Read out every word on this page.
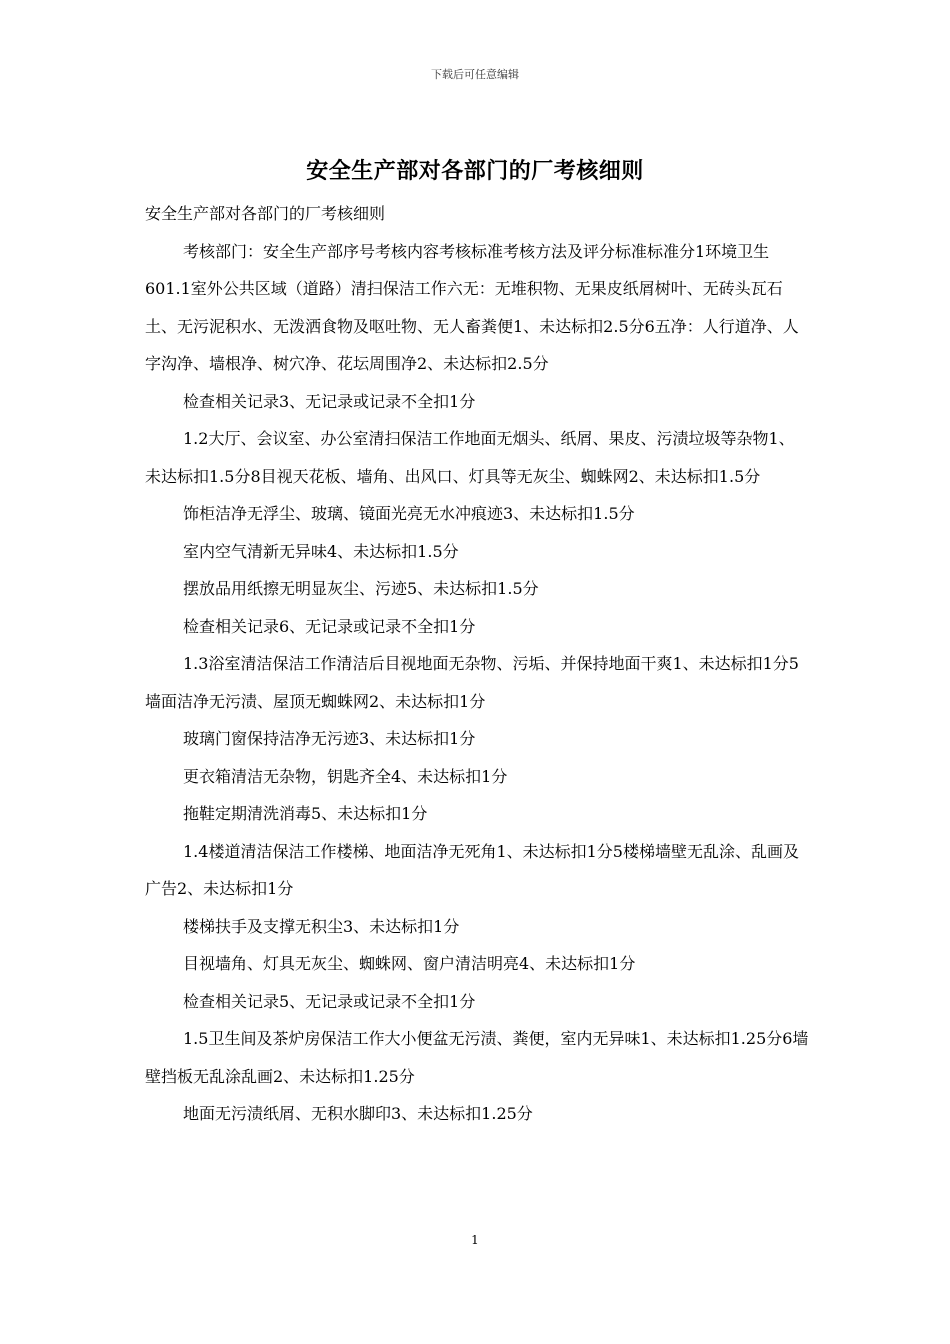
下载后可任意编辑
安全生产部对各部门的厂考核细则

安全生产部对各部门的厂考核细则

考核部门：安全生产部序号考核内容考核标准考核方法及评分标准标准分1环境卫生601.1室外公共区域（道路）清扫保洁工作六无：无堆积物、无果皮纸屑树叶、无砖头瓦石土、无污泥积水、无泼洒食物及呕吐物、无人畜粪便1、未达标扣2.5分6五净：人行道净、人字沟净、墙根净、树穴净、花坛周围净2、未达标扣2.5分

检查相关记录3、无记录或记录不全扣1分

1.2大厅、会议室、办公室清扫保洁工作地面无烟头、纸屑、果皮、污渍垃圾等杂物1、未达标扣1.5分8目视天花板、墙角、出风口、灯具等无灰尘、蜘蛛网2、未达标扣1.5分

饰柜洁净无浮尘、玻璃、镜面光亮无水冲痕迹3、未达标扣1.5分

室内空气清新无异味4、未达标扣1.5分

摆放品用纸擦无明显灰尘、污迹5、未达标扣1.5分

检查相关记录6、无记录或记录不全扣1分

1.3浴室清洁保洁工作清洁后目视地面无杂物、污垢、并保持地面干爽1、未达标扣1分5墙面洁净无污渍、屋顶无蜘蛛网2、未达标扣1分

玻璃门窗保持洁净无污迹3、未达标扣1分

更衣箱清洁无杂物，钥匙齐全4、未达标扣1分

拖鞋定期清洗消毒5、未达标扣1分

1.4楼道清洁保洁工作楼梯、地面洁净无死角1、未达标扣1分5楼梯墙壁无乱涂、乱画及广告2、未达标扣1分

楼梯扶手及支撑无积尘3、未达标扣1分

目视墙角、灯具无灰尘、蜘蛛网、窗户清洁明亮4、未达标扣1分

检查相关记录5、无记录或记录不全扣1分

1.5卫生间及茶炉房保洁工作大小便盆无污渍、粪便，室内无异味1、未达标扣1.25分6墙壁挡板无乱涂乱画2、未达标扣1.25分

地面无污渍纸屑、无积水脚印3、未达标扣1.25分

1
